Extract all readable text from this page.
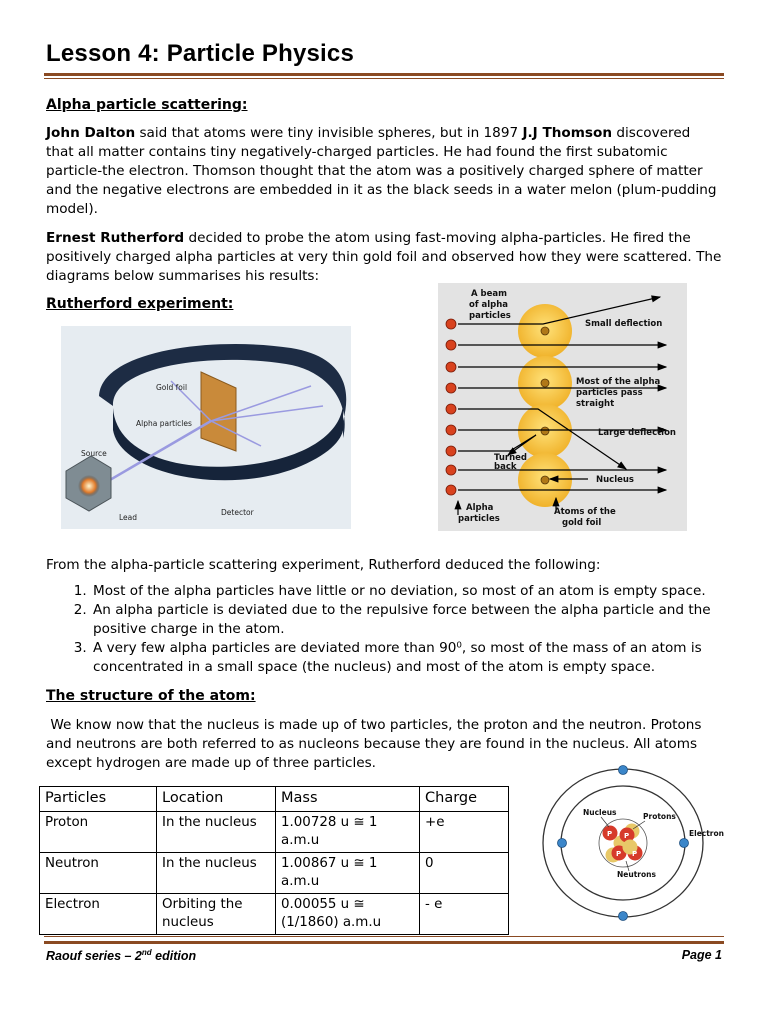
Lesson 4: Particle Physics
Alpha particle scattering:
John Dalton said that atoms were tiny invisible spheres, but in 1897 J.J Thomson discovered that all matter contains tiny negatively-charged particles. He had found the first subatomic particle-the electron. Thomson thought that the atom was a positively charged sphere of matter and the negative electrons are embedded in it as the black seeds in a water melon (plum-pudding model).
Ernest Rutherford decided to probe the atom using fast-moving alpha-particles. He fired the positively charged alpha particles at very thin gold foil and observed how they were scattered. The diagrams below summarises his results:
Rutherford experiment:
Gold foil
Alpha particles
Source
Lead
Detector
A beam
of alpha
particles
Small deflection
Most of the alpha
particles pass
straight
Large deflection
Turned
back
Nucleus
Alpha
particles
Atoms of the
gold foil
From the alpha-particle scattering experiment, Rutherford deduced the following:
1. Most of the alpha particles have little or no deviation, so most of an atom is empty space.
2. An alpha particle is deviated due to the repulsive force between the alpha particle and the positive charge in the atom.
3. A very few alpha particles are deviated more than 90⁰, so most of the mass of an atom is concentrated in a small space (the nucleus) and most of the atom is empty space.
The structure of the atom:
We know now that the nucleus is made up of two particles, the proton and the neutron. Protons and neutrons are both referred to as nucleons because they are found in the nucleus. All atoms except hydrogen are made up of three particles.
Particles	Location	Mass	Charge
Proton	In the nucleus	1.00728 u ≅ 1 a.m.u	+e
Neutron	In the nucleus	1.00867 u ≅ 1 a.m.u	0
Electron	Orbiting the nucleus	0.00055 u ≅ (1/1860) a.m.u	- e
P P
P
P
Nucleus	Protons
Electron
Neutrons
Raouf series – 2nd edition	Page 1
